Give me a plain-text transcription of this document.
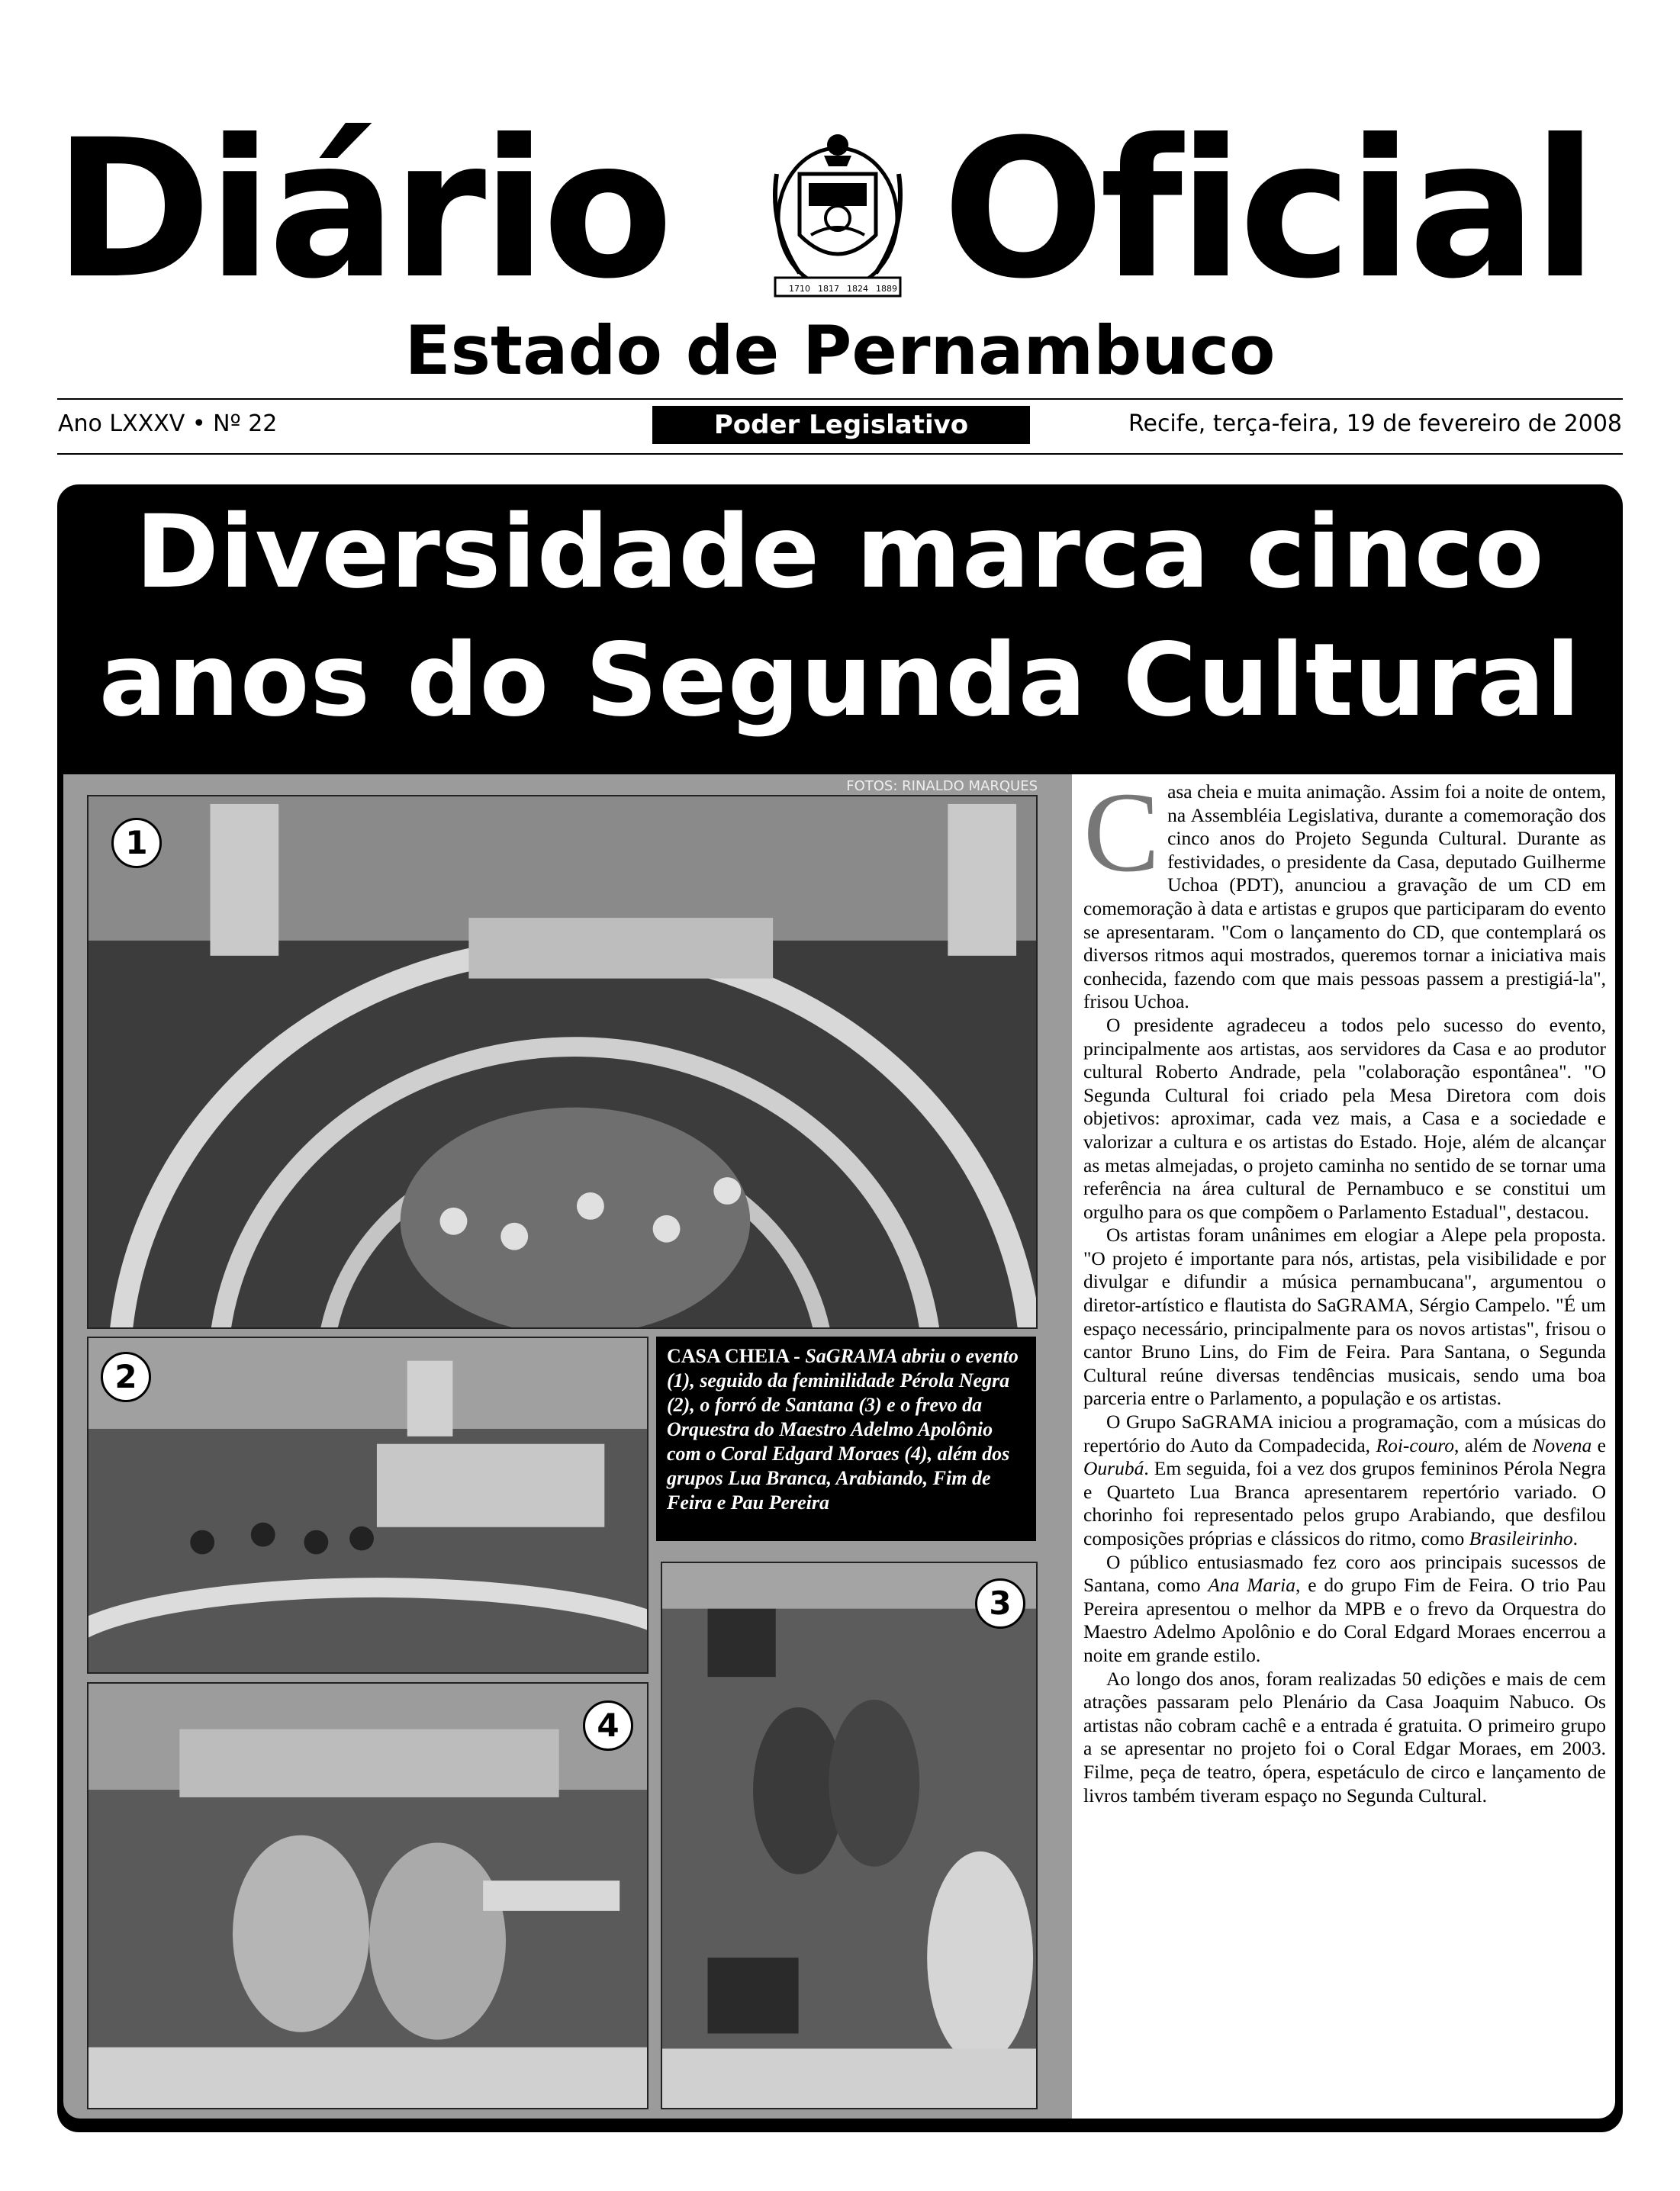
Diário	1710 1817 1824 1889 Oficial
Estado de Pernambuco
Ano LXXXV • Nº 22	Poder Legislativo	Recife, terça-feira, 19 de fevereiro de 2008
Diversidade marca cinco
anos do Segunda Cultural
FOTOS: RINALDO MARQUES
1
2
CASA CHEIA - SaGRAMA abriu o evento (1), seguido da feminilidade Pérola Negra (2), o forró de Santana (3) e o frevo da Orquestra do Maestro Adelmo Apolônio com o Coral Edgard Moraes (4), além dos grupos Lua Branca, Arabiando, Fim de Feira e Pau Pereira
4
3

Casa cheia e muita animação. Assim foi a noite de ontem, na Assembléia Legislativa, durante a comemoração dos cinco anos do Projeto Segunda Cultural. Durante as festividades, o presidente da Casa, deputado Guilherme Uchoa (PDT), anunciou a gravação de um CD em comemoração à data e artistas e grupos que participaram do evento se apresentaram. "Com o lançamento do CD, que contemplará os diversos ritmos aqui mostrados, queremos tornar a iniciativa mais conhecida, fazendo com que mais pessoas passem a prestigiá-la", frisou Uchoa.

O presidente agradeceu a todos pelo sucesso do evento, principalmente aos artistas, aos servidores da Casa e ao produtor cultural Roberto Andrade, pela "colaboração espontânea". "O Segunda Cultural foi criado pela Mesa Diretora com dois objetivos: aproximar, cada vez mais, a Casa e a sociedade e valorizar a cultura e os artistas do Estado. Hoje, além de alcançar as metas almejadas, o projeto caminha no sentido de se tornar uma referência na área cultural de Pernambuco e se constitui um orgulho para os que compõem o Parlamento Estadual", destacou.

Os artistas foram unânimes em elogiar a Alepe pela proposta. "O projeto é importante para nós, artistas, pela visibilidade e por divulgar e difundir a música pernambucana", argumentou o diretor-artístico e flautista do SaGRAMA, Sérgio Campelo. "É um espaço necessário, principalmente para os novos artistas", frisou o cantor Bruno Lins, do Fim de Feira. Para Santana, o Segunda Cultural reúne diversas tendências musicais, sendo uma boa parceria entre o Parlamento, a população e os artistas.

O Grupo SaGRAMA iniciou a programação, com a músicas do repertório do Auto da Compadecida, Roi-couro, além de Novena e Ourubá. Em seguida, foi a vez dos grupos femininos Pérola Negra e Quarteto Lua Branca apresentarem repertório variado. O chorinho foi representado pelos grupo Arabiando, que desfilou composições próprias e clássicos do ritmo, como Brasileirinho.

O público entusiasmado fez coro aos principais sucessos de Santana, como Ana Maria, e do grupo Fim de Feira. O trio Pau Pereira apresentou o melhor da MPB e o frevo da Orquestra do Maestro Adelmo Apolônio e do Coral Edgard Moraes encerrou a noite em grande estilo.

Ao longo dos anos, foram realizadas 50 edições e mais de cem atrações passaram pelo Plenário da Casa Joaquim Nabuco. Os artistas não cobram cachê e a entrada é gratuita. O primeiro grupo a se apresentar no projeto foi o Coral Edgar Moraes, em 2003. Filme, peça de teatro, ópera, espetáculo de circo e lançamento de livros também tiveram espaço no Segunda Cultural.
